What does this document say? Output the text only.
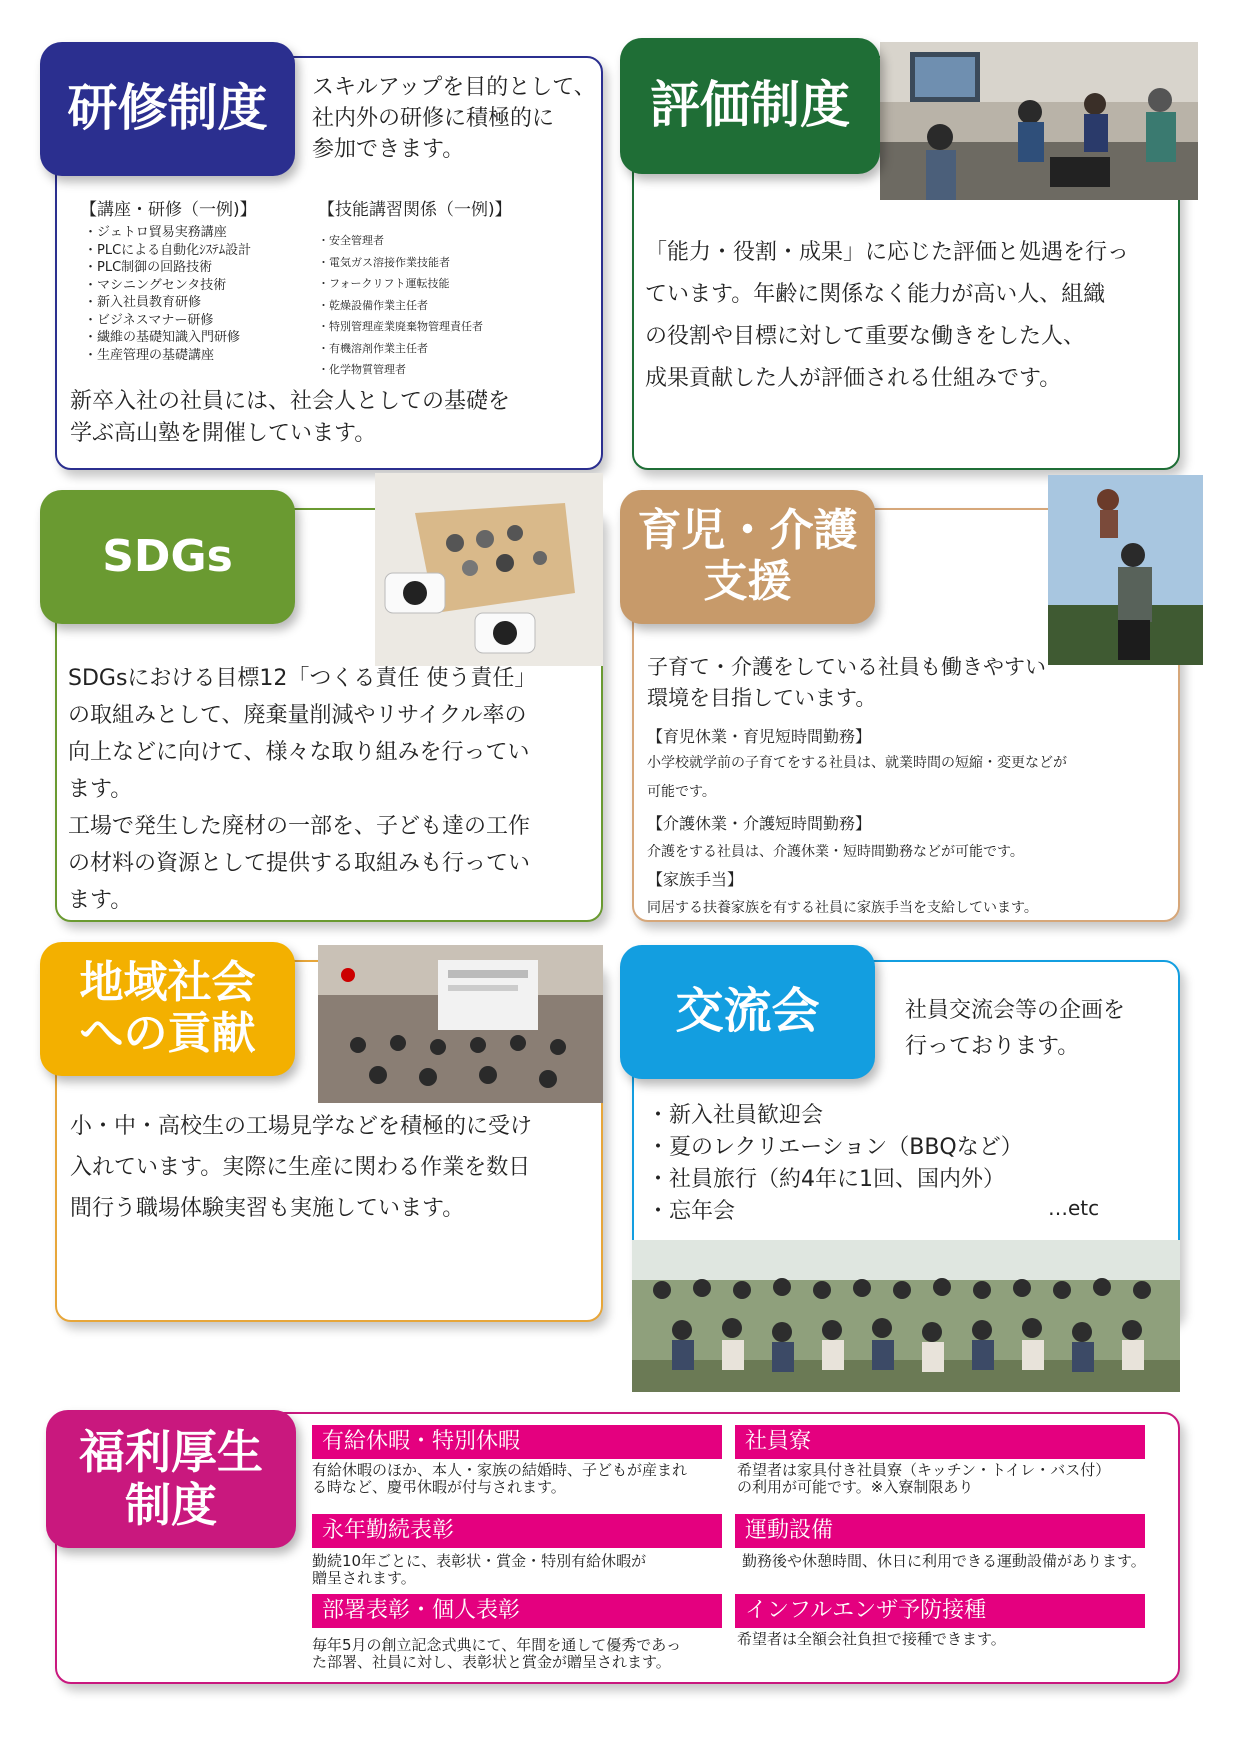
研修制度	スキルアップを目的として、
社内外の研修に積極的に
参加できます。
【講座・研修（一例)】
・ジェトロ貿易実務講座
・PLCによる自動化ｼｽﾃﾑ設計
・PLC制御の回路技術
・マシニングセンタ技術
・新入社員教育研修
・ビジネスマナー研修
・繊維の基礎知識入門研修
・生産管理の基礎講座
【技能講習関係（一例)】
・安全管理者
・電気ガス溶接作業技能者
・フォークリフト運転技能
・乾燥設備作業主任者
・特別管理産業廃棄物管理責任者
・有機溶剤作業主任者
・化学物質管理者
新卒入社の社員には、社会人としての基礎を
学ぶ高山塾を開催しています。
評価制度
「能力・役割・成果」に応じた評価と処遇を行っ
ています。年齢に関係なく能力が高い人、組織
の役割や目標に対して重要な働きをした人、
成果貢献した人が評価される仕組みです。
SDGs
SDGsにおける目標12「つくる責任 使う責任」
の取組みとして、廃棄量削減やリサイクル率の
向上などに向けて、様々な取り組みを行ってい
ます。
工場で発生した廃材の一部を、子ども達の工作
の材料の資源として提供する取組みも行ってい
ます。
育児・介護
支援
子育て・介護をしている社員も働きやすい
環境を目指しています。
【育児休業・育児短時間勤務】
小学校就学前の子育てをする社員は、就業時間の短縮・変更などが
可能です。
【介護休業・介護短時間勤務】
介護をする社員は、介護休業・短時間勤務などが可能です。
【家族手当】
同居する扶養家族を有する社員に家族手当を支給しています。
地域社会
への貢献
小・中・高校生の工場見学などを積極的に受け
入れています。実際に生産に関わる作業を数日
間行う職場体験実習も実施しています。
交流会	社員交流会等の企画を
行っております。
・新入社員歓迎会
・夏のレクリエーション（BBQなど）
・社員旅行（約4年に1回、国内外）
・忘年会	…etc
福利厚生
制度
有給休暇・特別休暇
有給休暇のほか、本人・家族の結婚時、子どもが産まれ
る時など、慶弔休暇が付与されます。
社員寮
希望者は家具付き社員寮（キッチン・トイレ・バス付）
の利用が可能です。※入寮制限あり
永年勤続表彰
勤続10年ごとに、表彰状・賞金・特別有給休暇が
贈呈されます。
運動設備
勤務後や休憩時間、休日に利用できる運動設備があります。
部署表彰・個人表彰
毎年5月の創立記念式典にて、年間を通して優秀であっ
た部署、社員に対し、表彰状と賞金が贈呈されます。
インフルエンザ予防接種
希望者は全額会社負担で接種できます。
